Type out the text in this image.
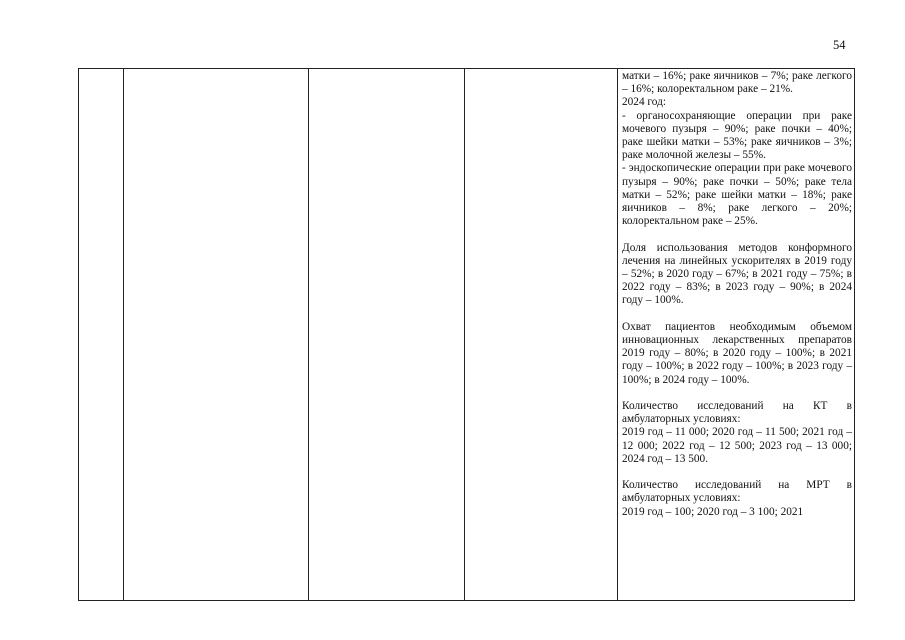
54

матки – 16%; раке яичников – 7%; раке легкого – 16%; колоректальном раке – 21%.

2024 год:

- органосохраняющие операции при раке мочевого пузыря – 90%; раке почки – 40%; раке шейки матки – 53%; раке яичников – 3%; раке молочной железы – 55%.

- эндоскопические операции при раке мочевого пузыря – 90%; раке почки – 50%; раке тела матки – 52%; раке шейки матки – 18%; раке яичников – 8%; раке легкого – 20%; колоректальном раке – 25%.

Доля использования методов конформного лечения на линейных ускорителях в 2019 году – 52%; в 2020 году – 67%; в 2021 году – 75%; в 2022 году – 83%; в 2023 году – 90%; в 2024 году – 100%.

Охват пациентов необходимым объемом инновационных лекарственных препаратов 2019 году – 80%; в 2020 году – 100%; в 2021 году – 100%; в 2022 году – 100%; в 2023 году – 100%; в 2024 году – 100%.

Количество исследований на КТ в амбулаторных условиях:

2019 год – 11 000; 2020 год – 11 500; 2021 год – 12 000; 2022 год – 12 500; 2023 год – 13 000; 2024 год – 13 500.

Количество исследований на МРТ в амбулаторных условиях:

2019 год – 100; 2020 год – 3 100; 2021
